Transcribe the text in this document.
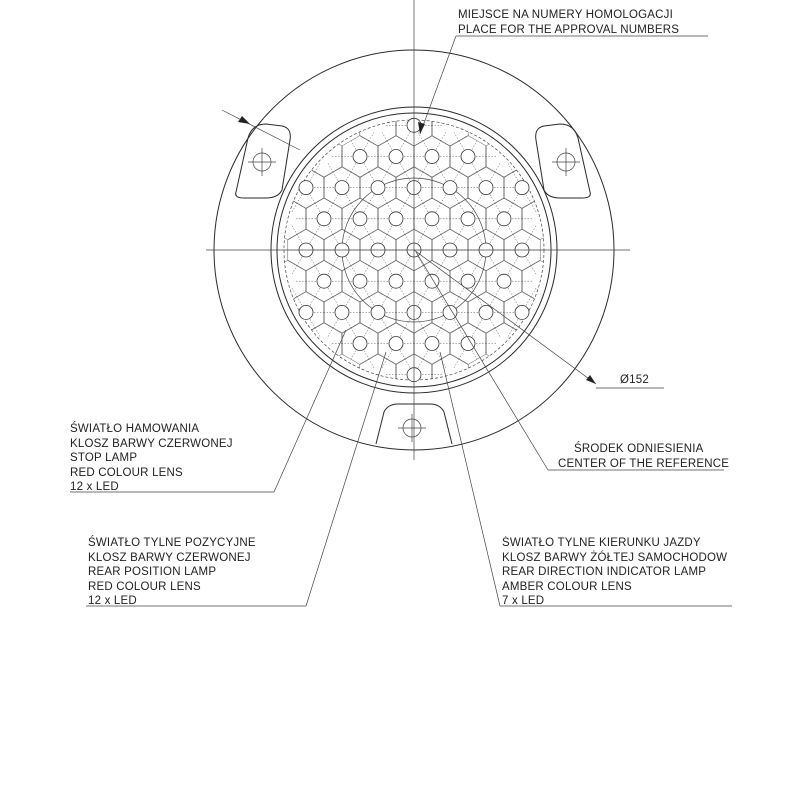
MIEJSCE NA NUMERY HOMOLOGACJI
PLACE FOR THE APPROVAL NUMBERS
Ø152
ŚRODEK ODNIESIENIA
CENTER OF THE REFERENCE
ŚWIATŁO HAMOWANIA
KLOSZ BARWY CZERWONEJ
STOP LAMP
RED COLOUR LENS
12 x LED
ŚWIATŁO TYLNE POZYCYJNE
KLOSZ BARWY CZERWONEJ
REAR POSITION LAMP
RED COLOUR LENS
12 x LED
ŚWIATŁO TYLNE KIERUNKU JAZDY
KLOSZ BARWY ŻÓŁTEJ SAMOCHODOW
REAR DIRECTION INDICATOR LAMP
AMBER COLOUR LENS
7 x LED
